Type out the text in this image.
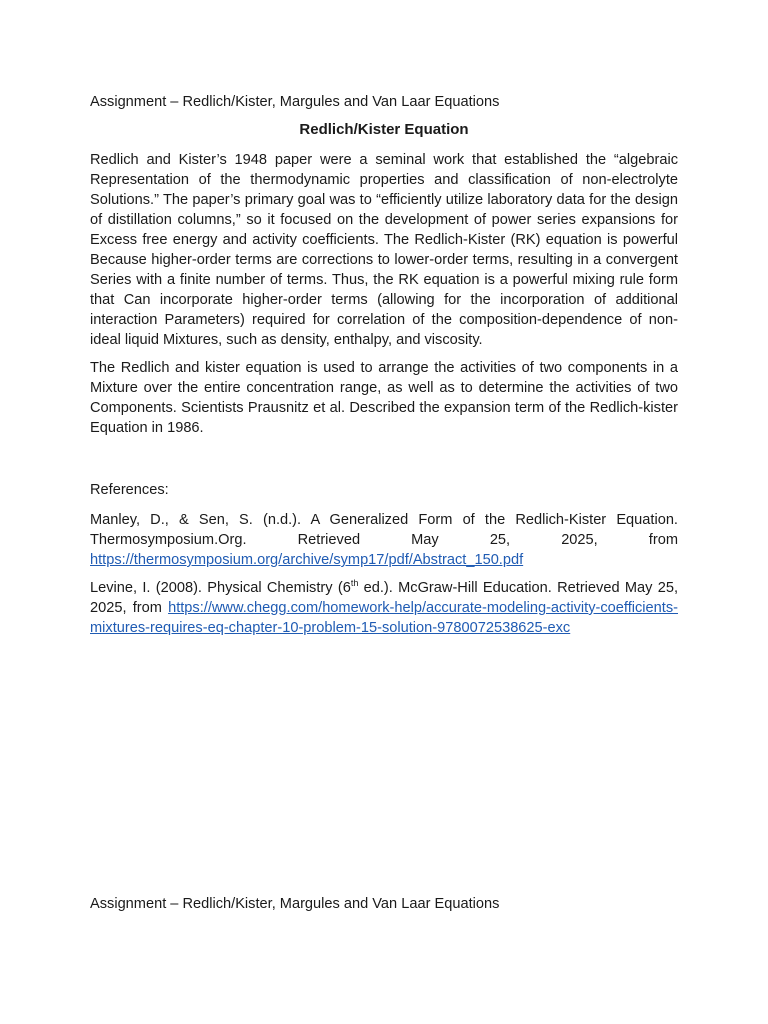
Assignment – Redlich/Kister, Margules and Van Laar Equations
Redlich/Kister Equation

Redlich and Kister’s 1948 paper were a seminal work that established the “algebraic Representation of the thermodynamic properties and classification of non-electrolyte Solutions.” The paper’s primary goal was to “efficiently utilize laboratory data for the design of distillation columns,” so it focused on the development of power series expansions for Excess free energy and activity coefficients. The Redlich-Kister (RK) equation is powerful Because higher-order terms are corrections to lower-order terms, resulting in a convergent Series with a finite number of terms. Thus, the RK equation is a powerful mixing rule form that Can incorporate higher-order terms (allowing for the incorporation of additional interaction Parameters) required for correlation of the composition-dependence of non-ideal liquid Mixtures, such as density, enthalpy, and viscosity.

The Redlich and kister equation is used to arrange the activities of two components in a Mixture over the entire concentration range, as well as to determine the activities of two Components. Scientists Prausnitz et al. Described the expansion term of the Redlich-kister Equation in 1986.

References:

Manley, D., & Sen, S. (n.d.). A Generalized Form of the Redlich-Kister Equation. Thermosymposium.Org. Retrieved May 25, 2025, from https://thermosymposium.org/archive/symp17/pdf/Abstract_150.pdf

Levine, I. (2008). Physical Chemistry (6th ed.). McGraw-Hill Education. Retrieved May 25, 2025, from https://www.chegg.com/homework-help/accurate-modeling-activity-coefficients-mixtures-requires-eq-chapter-10-problem-15-solution-9780072538625-exc

Assignment – Redlich/Kister, Margules and Van Laar Equations
